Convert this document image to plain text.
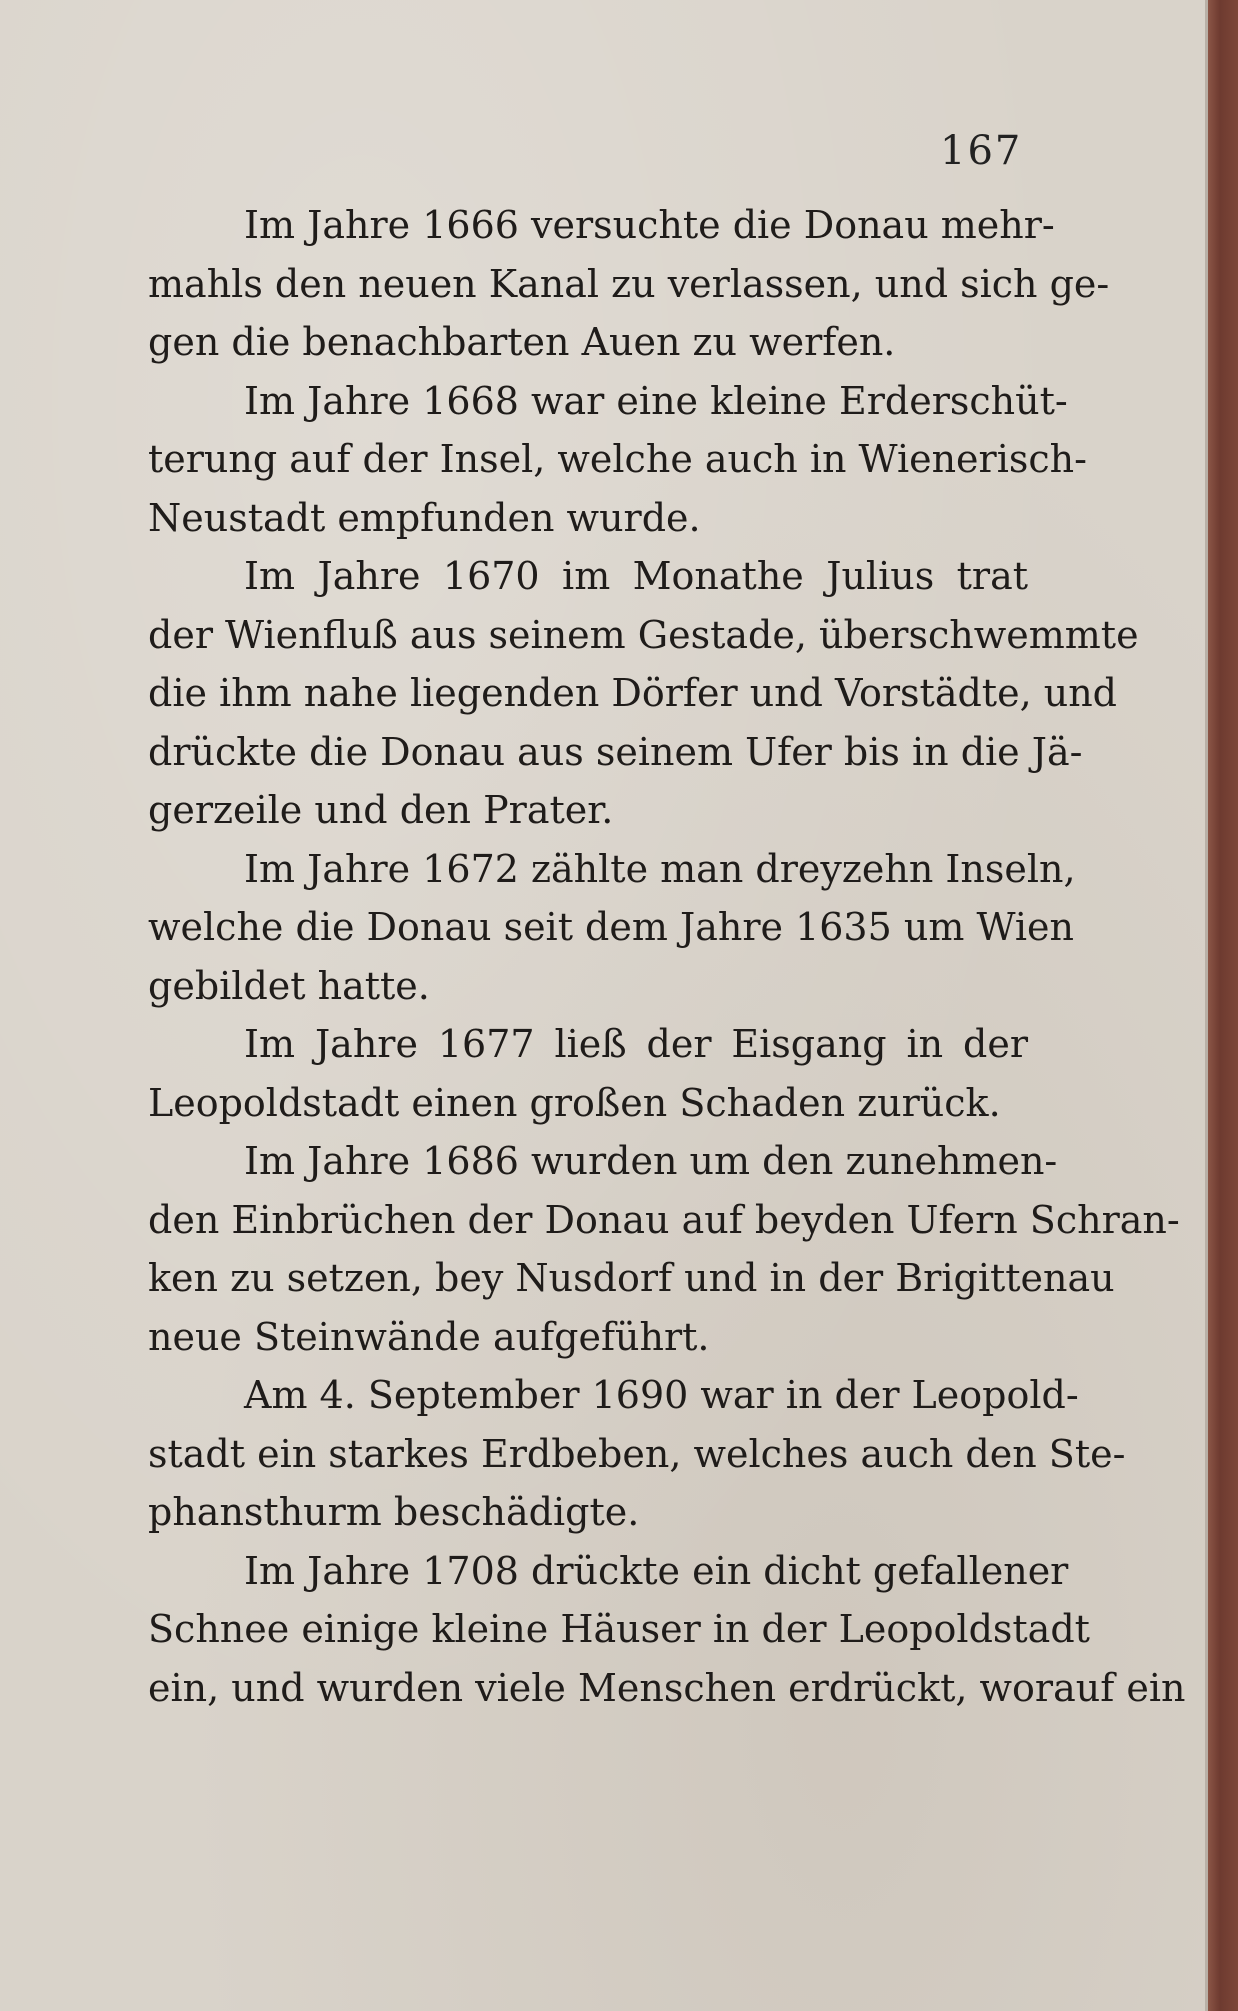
167
Im Jahre 1666 versuchte die Donau mehr-
mahls den neuen Kanal zu verlassen, und sich ge-
gen die benachbarten Auen zu werfen.
Im Jahre 1668 war eine kleine Erderschüt-
terung auf der Insel, welche auch in Wienerisch-
Neustadt empfunden wurde.
Im Jahre 1670 im Monathe Julius trat
der Wienfluß aus seinem Gestade, überschwemmte
die ihm nahe liegenden Dörfer und Vorstädte, und
drückte die Donau aus seinem Ufer bis in die Jä-
gerzeile und den Prater.
Im Jahre 1672 zählte man dreyzehn Inseln,
welche die Donau seit dem Jahre 1635 um Wien
gebildet hatte.
Im Jahre 1677 ließ der Eisgang in der
Leopoldstadt einen großen Schaden zurück.
Im Jahre 1686 wurden um den zunehmen-
den Einbrüchen der Donau auf beyden Ufern Schran-
ken zu setzen, bey Nusdorf und in der Brigittenau
neue Steinwände aufgeführt.
Am 4. September 1690 war in der Leopold-
stadt ein starkes Erdbeben, welches auch den Ste-
phansthurm beschädigte.
Im Jahre 1708 drückte ein dicht gefallener
Schnee einige kleine Häuser in der Leopoldstadt
ein, und wurden viele Menschen erdrückt, worauf ein
